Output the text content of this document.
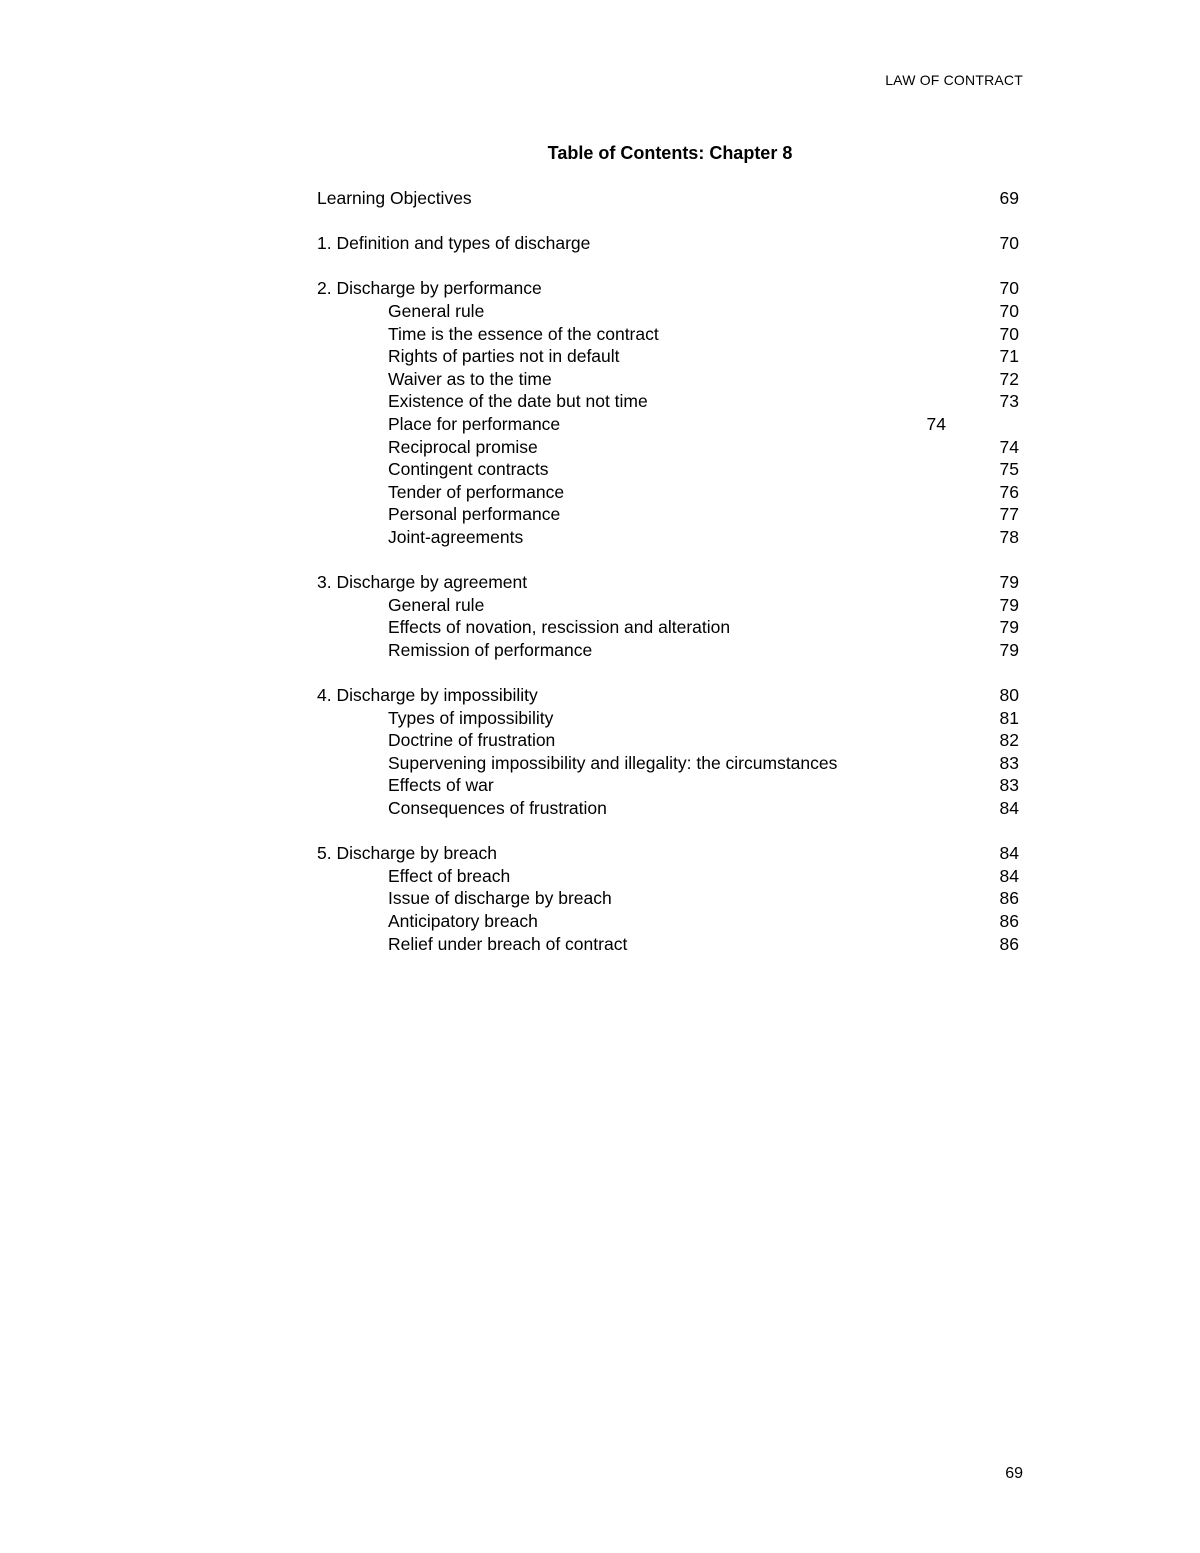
LAW OF CONTRACT
Table of Contents: Chapter 8
Learning Objectives	69
1. Definition and types of discharge	70
2. Discharge by performance	70
General rule	70
Time is the essence of the contract	70
Rights of parties not in default	71
Waiver as to the time	72
Existence of the date but not time	73
Place for performance	74
Reciprocal promise	74
Contingent contracts	75
Tender of performance	76
Personal performance	77
Joint-agreements	78
3. Discharge by agreement	79
General rule	79
Effects of novation, rescission and alteration	79
Remission of performance	79
4. Discharge by impossibility	80
Types of impossibility	81
Doctrine of frustration	82
Supervening impossibility and illegality: the circumstances	83
Effects of war	83
Consequences of frustration	84
5. Discharge by breach	84
Effect of breach	84
Issue of discharge by breach	86
Anticipatory breach	86
Relief under breach of contract	86
69
